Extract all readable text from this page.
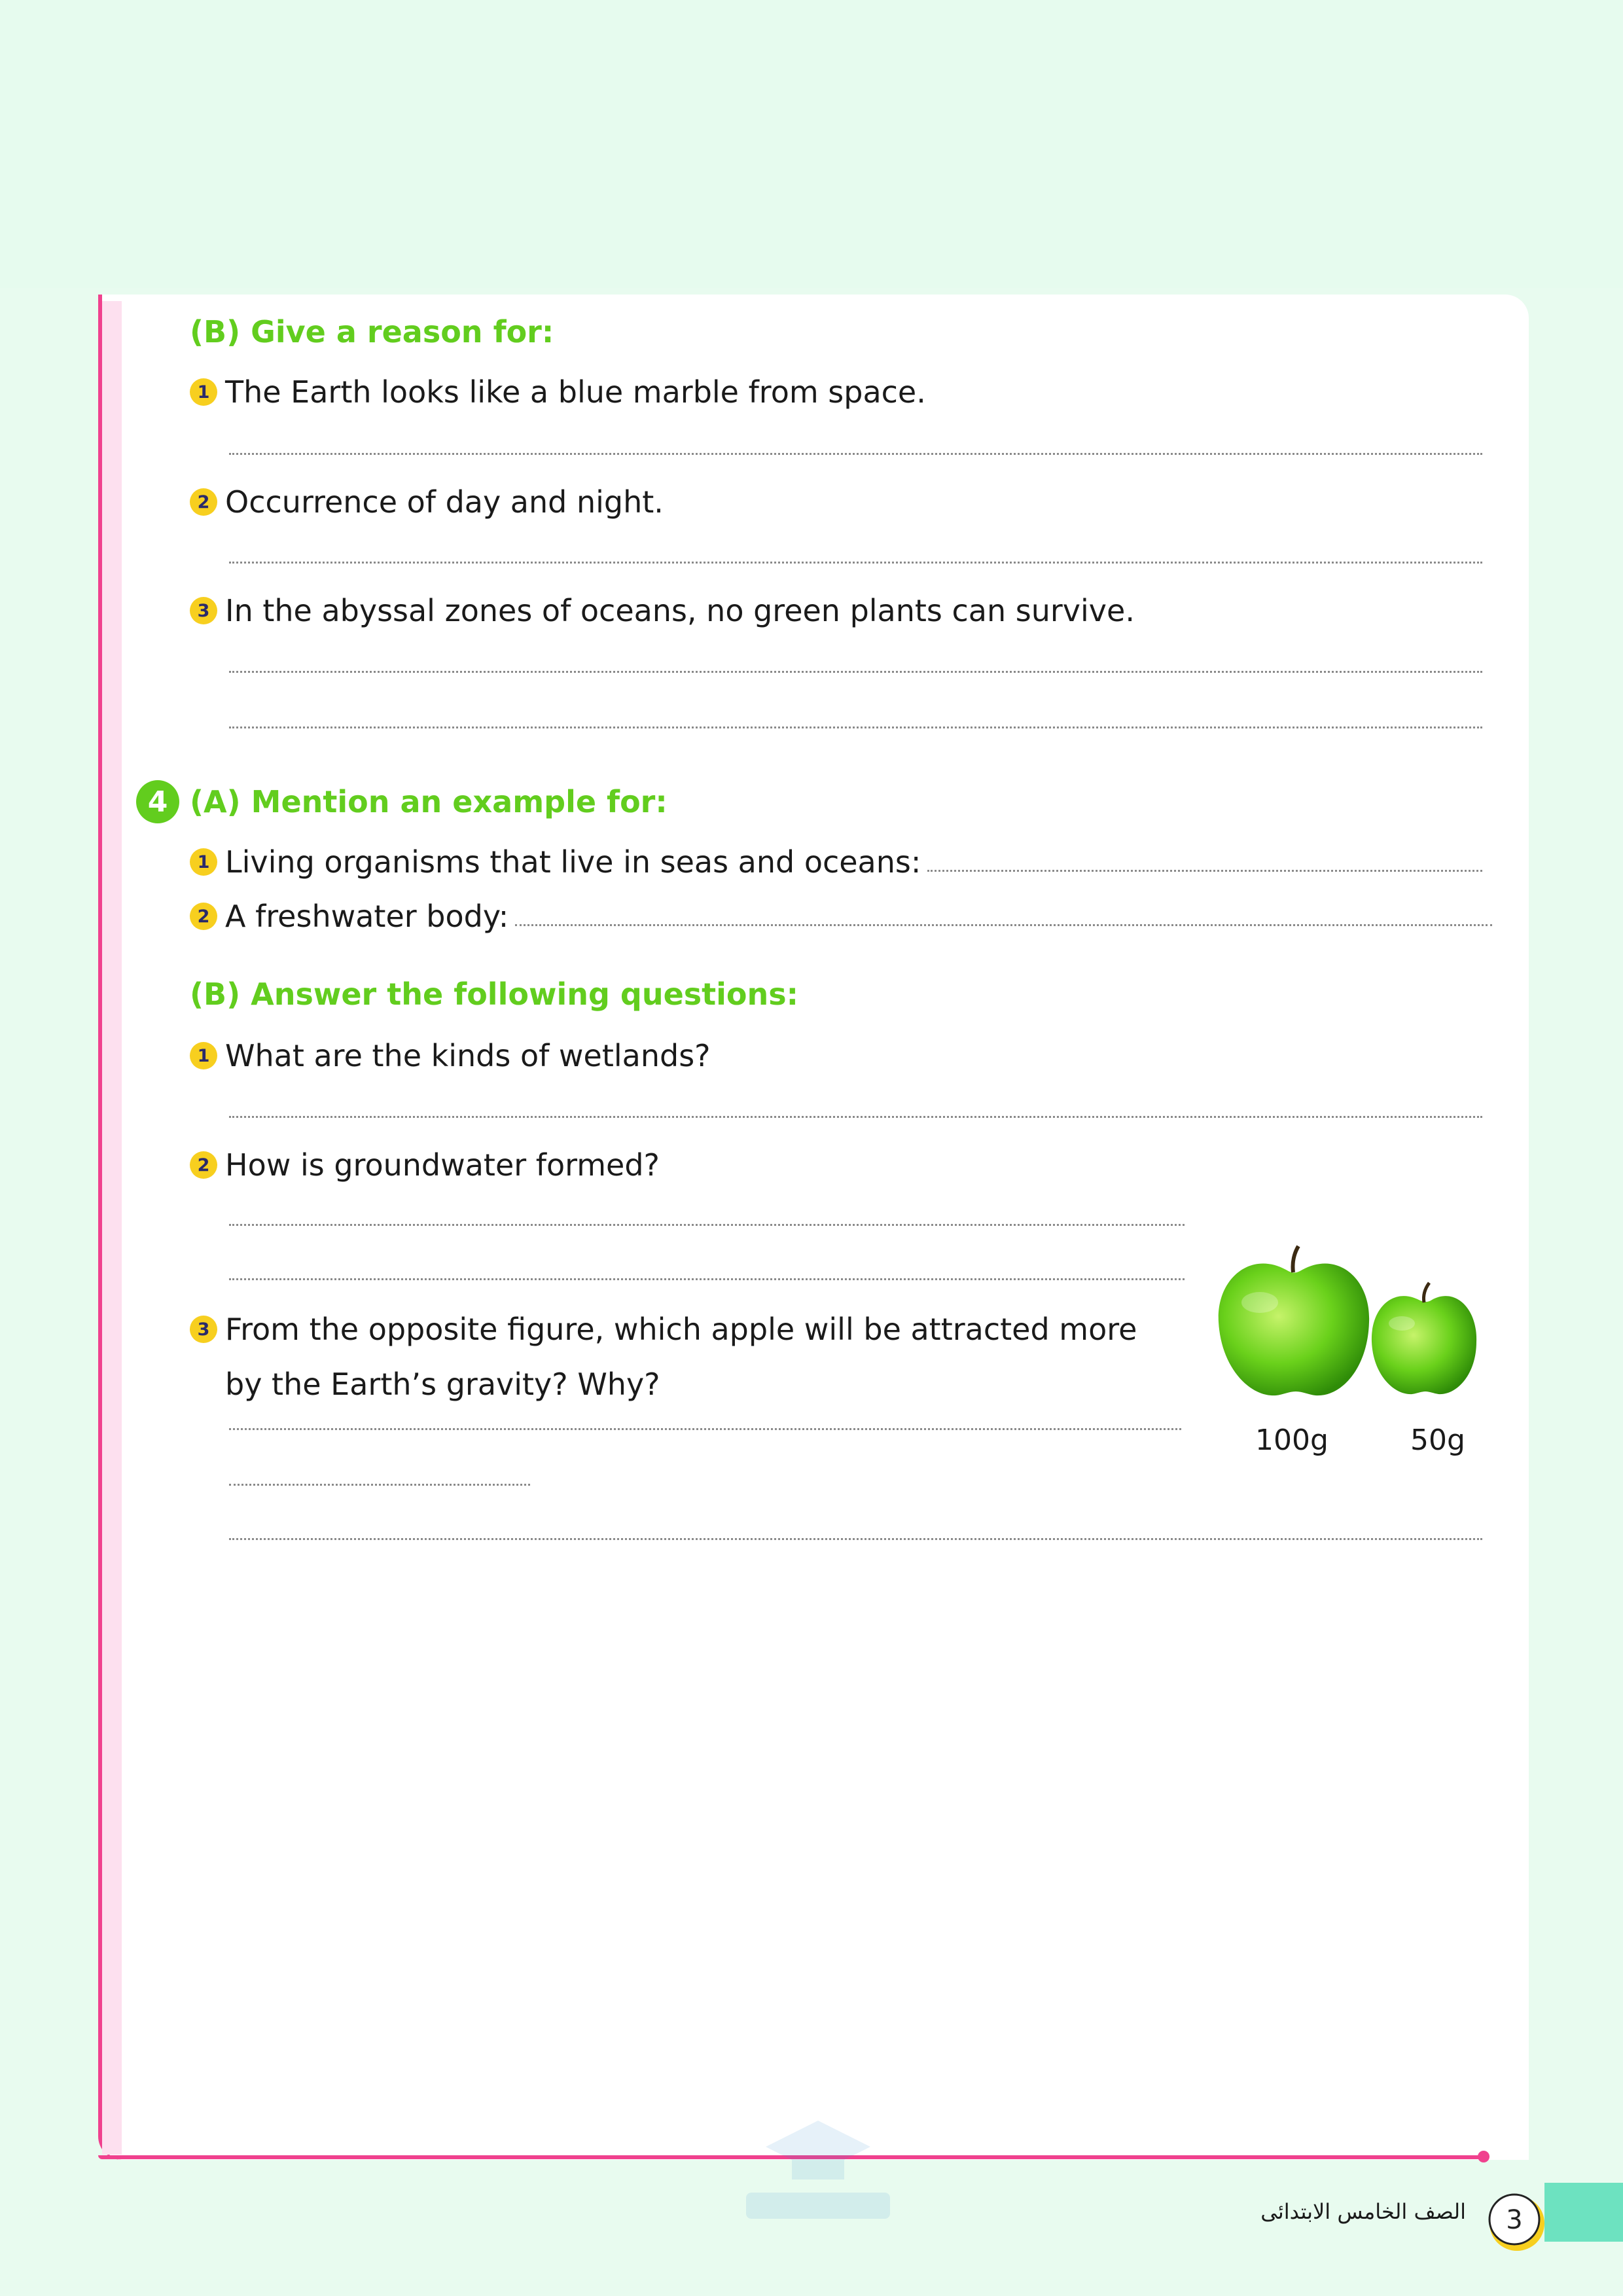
(B) Give a reason for:
1 The Earth looks like a blue marble from space.
2 Occurrence of day and night.
3 In the abyssal zones of oceans, no green plants can survive.
4 (A) Mention an example for:
1 Living organisms that live in seas and oceans:
2 A freshwater body:
(B) Answer the following questions:
1 What are the kinds of wetlands?
2 How is groundwater formed?
3 From the opposite figure, which apple will be attracted more
by the Earth’s gravity? Why?
100g	50g
الصف الخامس الابتدائى 3
